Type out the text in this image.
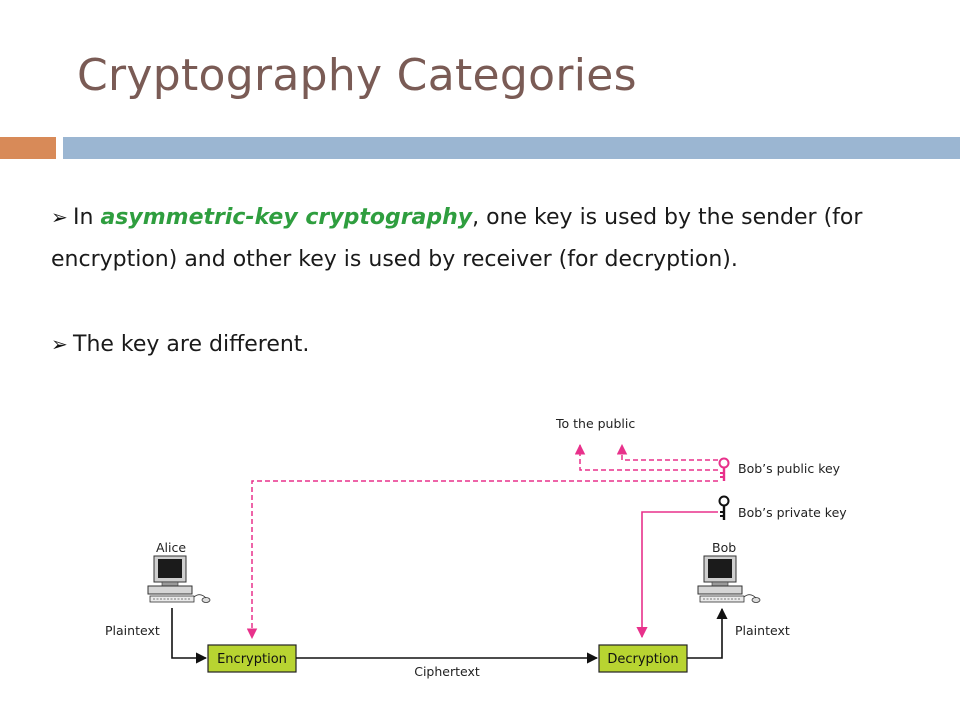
Cryptography Categories

➢ In asymmetric-key cryptography, one key is used by the sender (for encryption) and other key is used by receiver (for decryption).

➢ The key are different.

To the public
Bob’s public key
Bob’s private key
Alice	Bob
Plaintext	Plaintext
Encryption
Ciphertext
Decryption
